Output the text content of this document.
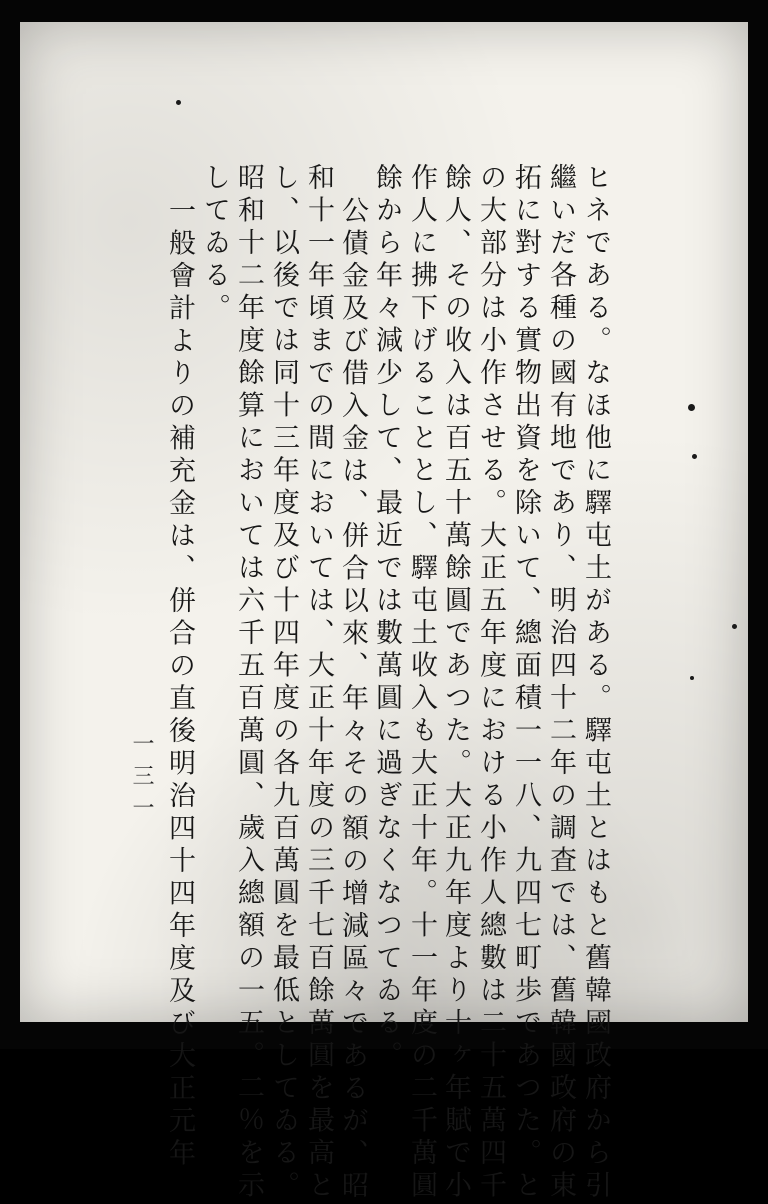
ヒネである。なほ他に驛屯土がある。驛屯土とはもと舊韓國政府から引
繼いだ各種の國有地であり、明治四十二年の調査では、舊韓國政府の東
拓に對する實物出資を除いて、總面積一一八、九四七町歩であつた。と
の大部分は小作させる。大正五年度における小作人總數は二十五萬四千
餘人、その收入は百五十萬餘圓であつた。大正九年度より十ヶ年賦で小
作人に拂下げることとし、驛屯土收入も大正十年。十一年度の二千萬圓
餘から年々減少して、最近では數萬圓に過ぎなくなつてゐる。
公債金及び借入金は、併合以來、年々その額の增減區々であるが、昭
和十一年頃までの間においては、大正十年度の三千七百餘萬圓を最高と
し、以後では同十三年度及び十四年度の各九百萬圓を最低としてゐる。
昭和十二年度餘算においては六千五百萬圓、歲入總額の一五。二％を示
してゐる。
一般會計よりの補充金は、併合の直後明治四十四年度及び大正元年
一三一
